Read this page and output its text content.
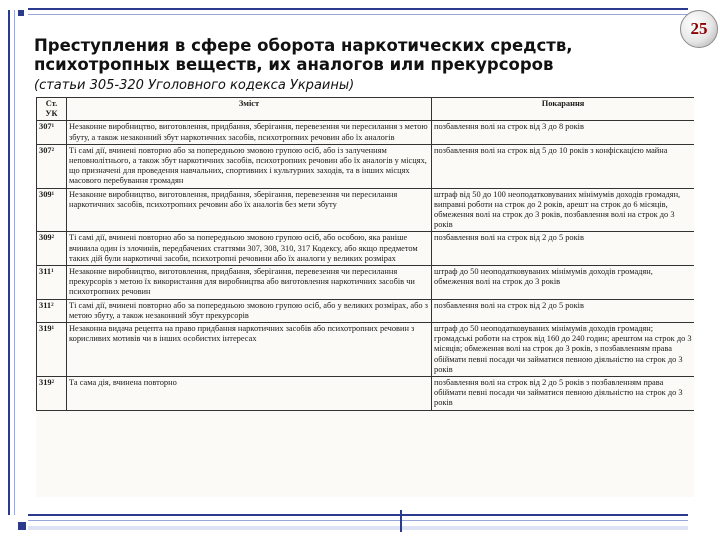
25
Преступления в сфере оборота наркотических средств, психотропных веществ, их аналогов или прекурсоров
(статьи 305-320 Уголовного кодекса Украины)
Ст. УК	Зміст	Покарання
307¹	Незаконне виробництво, виготовлення, придбання, зберігання, перевезення чи пересилання з метою збуту, а також незаконний збут наркотичних засобів, психотропних речовин або їх аналогів	позбавлення волі на строк від 3 до 8 років
307²	Ті самі дії, вчинені повторно або за попередньою змовою групою осіб, або із залученням неповнолітнього, а також збут наркотичних засобів, психотропних речовин або їх аналогів у місцях, що призначені для проведення навчальних, спортивних і культурних заходів, та в інших місцях масового перебування громадян	позбавлення волі на строк від 5 до 10 років з конфіскацією майна
309¹	Незаконне виробництво, виготовлення, придбання, зберігання, перевезення чи пересилання наркотичних засобів, психотропних речовин або їх аналогів без мети збуту	штраф від 50 до 100 неоподатковуваних мінімумів доходів громадян, виправні роботи на строк до 2 років, арешт на строк до 6 місяців, обмеження волі на строк до 3 років, позбавлення волі на строк до 3 років
309²	Ті самі дії, вчинені повторно або за попередньою змовою групою осіб, або особою, яка раніше вчинила один із злочинів, передбачених статтями 307, 308, 310, 317 Кодексу, або якщо предметом таких дій були наркотичні засоби, психотропні речовини або їх аналоги у великих розмірах	позбавлення волі на строк від 2 до 5 років
311¹	Незаконне виробництво, виготовлення, придбання, зберігання, перевезення чи пересилання прекурсорів з метою їх використання для виробництва або виготовлення наркотичних засобів чи психотропних речовин	штраф до 50 неоподатковуваних мінімумів доходів громадян, обмеження волі на строк до 3 років
311²	Ті самі дії, вчинені повторно або за попередньою змовою групою осіб, або у великих розмірах, або з метою збуту, а також незаконний збут прекурсорів	позбавлення волі на строк від 2 до 5 років
319¹	Незаконна видача рецепта на право придбання наркотичних засобів або психотропних речовин з корисливих мотивів чи в інших особистих інтересах	штраф до 50 неоподатковуваних мінімумів доходів громадян; громадські роботи на строк від 160 до 240 годин; арештом на строк до 3 місяців; обмеження волі на строк до 3 років, з позбавленням права обіймати певні посади чи займатися певною діяльністю на строк до 3 років
319²	Та сама дія, вчинена повторно	позбавлення волі на строк від 2 до 5 років з позбавленням права обіймати певні посади чи займатися певною діяльністю на строк до 3 років
